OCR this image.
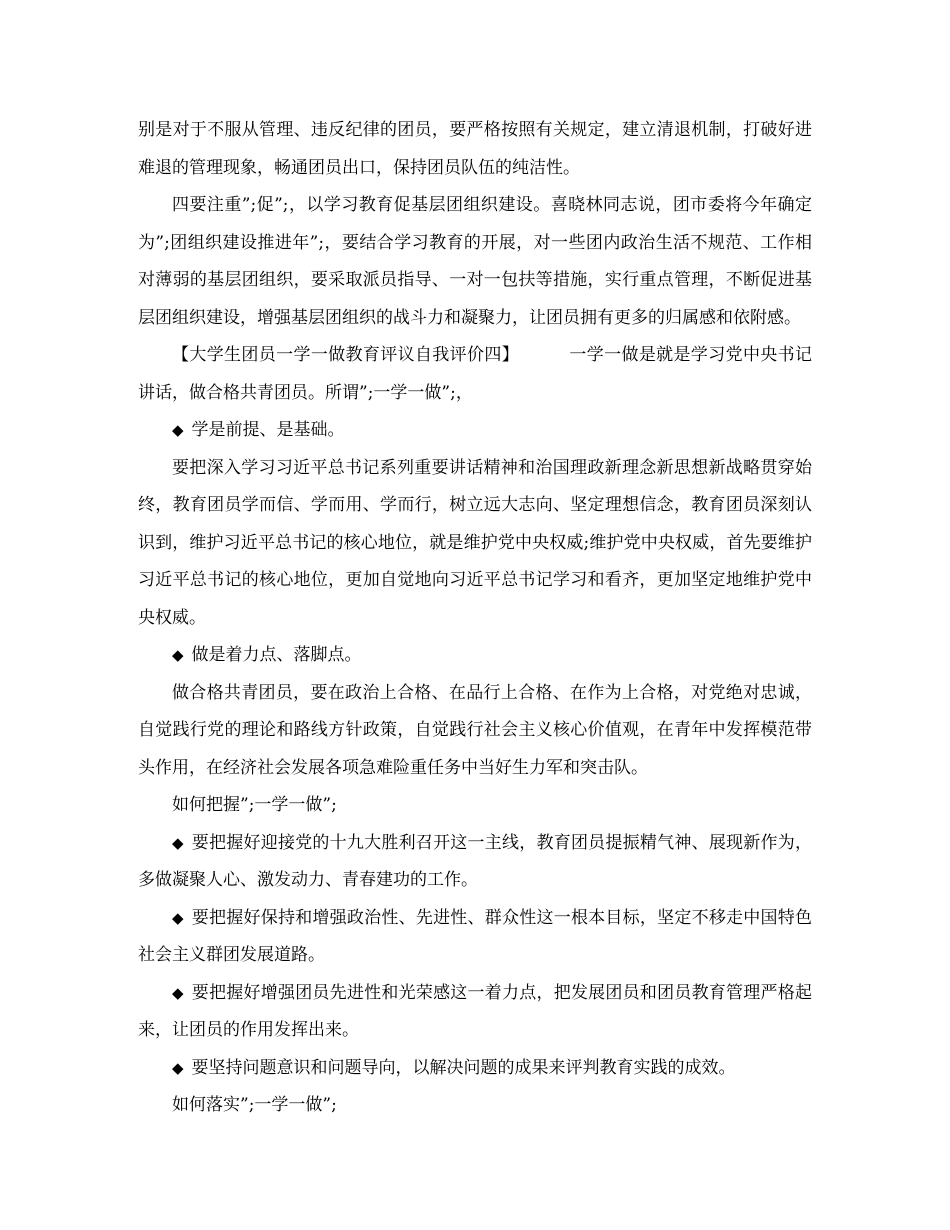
别是对于不服从管理、违反纪律的团员，要严格按照有关规定，建立清退机制，打破好进难退的管理现象，畅通团员出口，保持团员队伍的纯洁性。

四要注重”;促”;，以学习教育促基层团组织建设。喜晓林同志说，团市委将今年确定为”;团组织建设推进年”;，要结合学习教育的开展，对一些团内政治生活不规范、工作相对薄弱的基层团组织，要采取派员指导、一对一包扶等措施，实行重点管理，不断促进基层团组织建设，增强基层团组织的战斗力和凝聚力，让团员拥有更多的归属感和依附感。

【大学生团员一学一做教育评议自我评价四】	一学一做是就是学习党中央书记讲话，做合格共青团员。所谓”;一学一做”;，

◆ 学是前提、是基础。

要把深入学习习近平总书记系列重要讲话精神和治国理政新理念新思想新战略贯穿始终，教育团员学而信、学而用、学而行，树立远大志向、坚定理想信念，教育团员深刻认识到，维护习近平总书记的核心地位，就是维护党中央权威;维护党中央权威，首先要维护习近平总书记的核心地位，更加自觉地向习近平总书记学习和看齐，更加坚定地维护党中央权威。

◆ 做是着力点、落脚点。

做合格共青团员，要在政治上合格、在品行上合格、在作为上合格，对党绝对忠诚，自觉践行党的理论和路线方针政策，自觉践行社会主义核心价值观，在青年中发挥模范带头作用，在经济社会发展各项急难险重任务中当好生力军和突击队。

如何把握”;一学一做”;

◆ 要把握好迎接党的十九大胜利召开这一主线，教育团员提振精气神、展现新作为，多做凝聚人心、激发动力、青春建功的工作。

◆ 要把握好保持和增强政治性、先进性、群众性这一根本目标，坚定不移走中国特色社会主义群团发展道路。

◆ 要把握好增强团员先进性和光荣感这一着力点，把发展团员和团员教育管理严格起来，让团员的作用发挥出来。

◆ 要坚持问题意识和问题导向，以解决问题的成果来评判教育实践的成效。

如何落实”;一学一做”;
